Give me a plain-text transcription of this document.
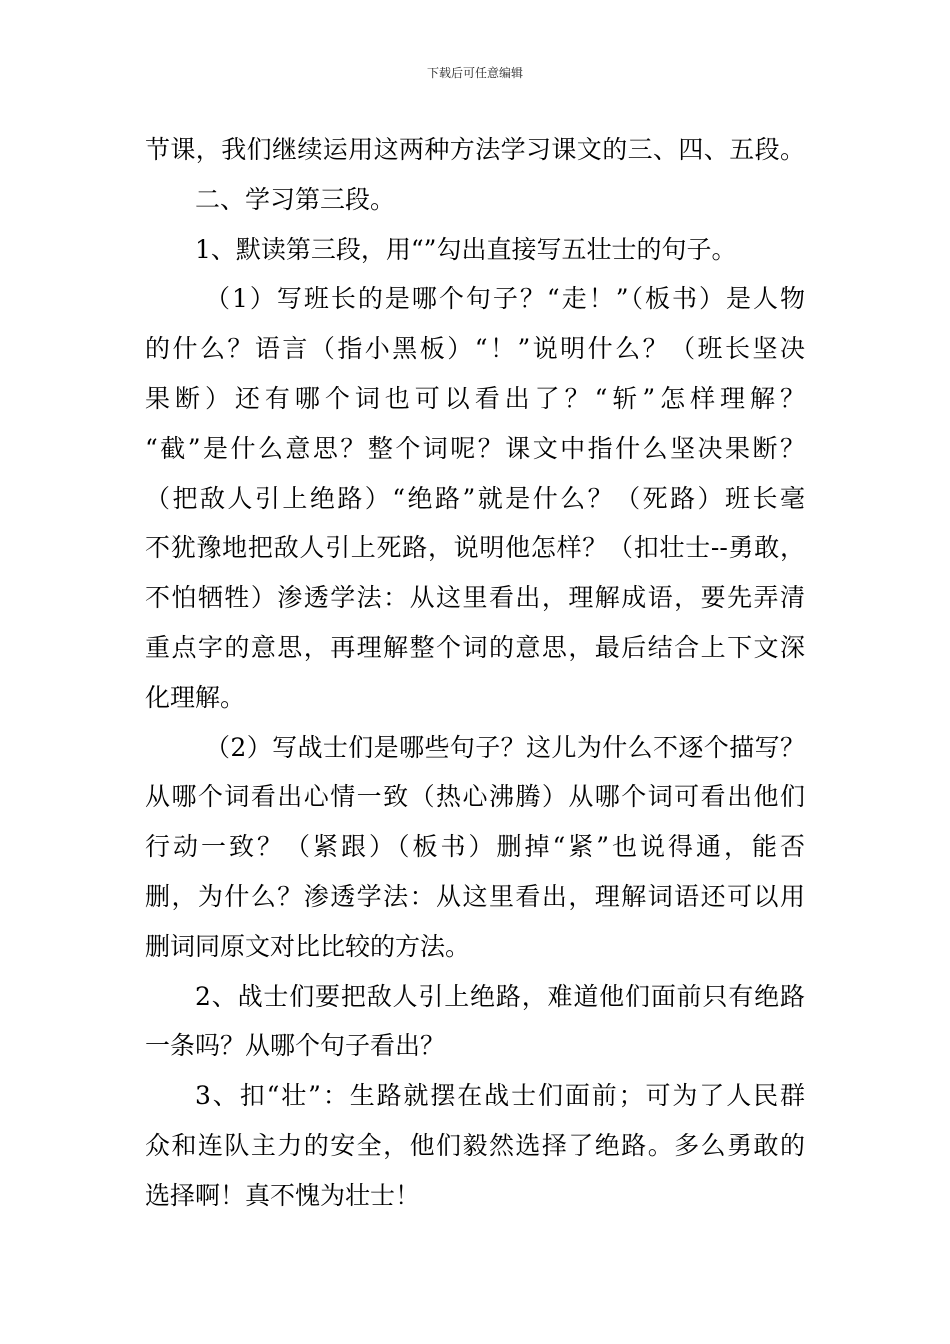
下载后可任意编辑
节课，我们继续运用这两种方法学习课文的三、四、五段。
二、学习第三段。
1、默读第三段，用“”勾出直接写五壮士的句子。
（1）写班长的是哪个句子？“走！”（板书）是人物
的什么？语言（指小黑板）“！”说明什么？（班长坚决
果断）还有哪个词也可以看出了？“斩”怎样理解？
“截”是什么意思？整个词呢？课文中指什么坚决果断？
（把敌人引上绝路）“绝路”就是什么？（死路）班长毫
不犹豫地把敌人引上死路，说明他怎样？（扣壮士--勇敢，
不怕牺牲）渗透学法：从这里看出，理解成语，要先弄清
重点字的意思，再理解整个词的意思，最后结合上下文深
化理解。
（2）写战士们是哪些句子？这儿为什么不逐个描写？
从哪个词看出心情一致（热心沸腾）从哪个词可看出他们
行动一致？（紧跟）（板书）删掉“紧”也说得通，能否
删，为什么？渗透学法：从这里看出，理解词语还可以用
删词同原文对比比较的方法。
2、战士们要把敌人引上绝路，难道他们面前只有绝路
一条吗？从哪个句子看出？
3、扣“壮”：生路就摆在战士们面前；可为了人民群
众和连队主力的安全，他们毅然选择了绝路。多么勇敢的
选择啊！真不愧为壮士！
